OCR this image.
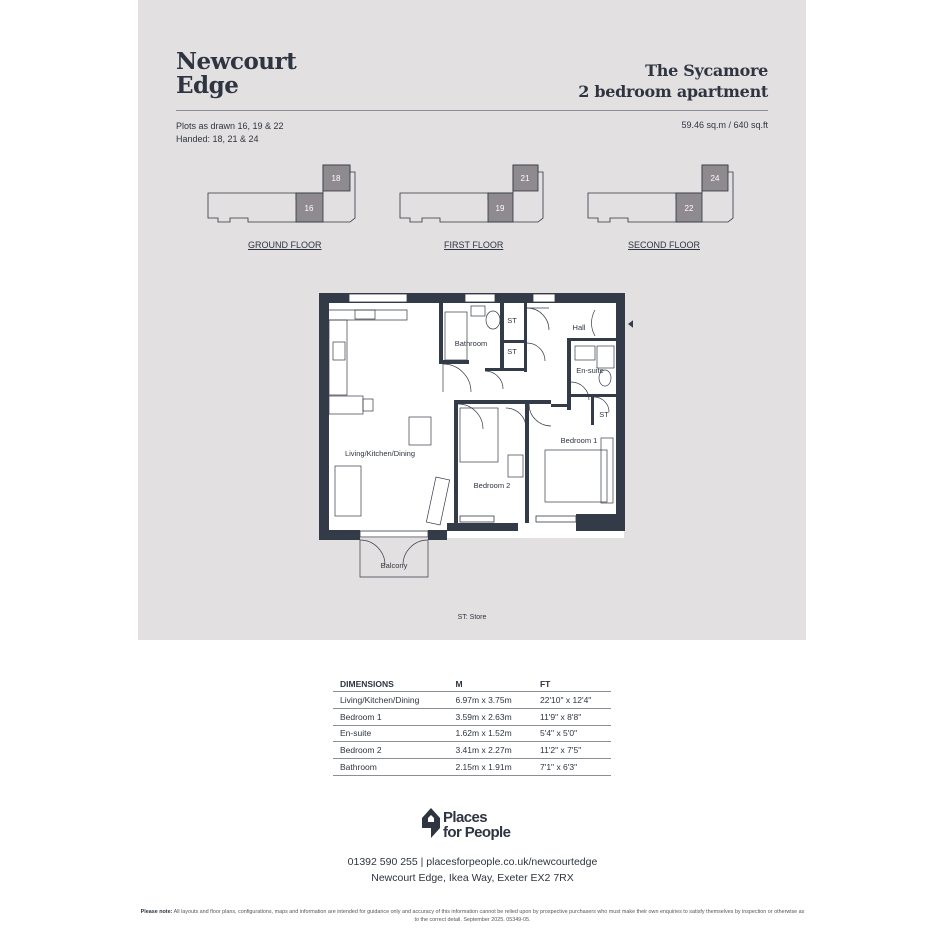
Newcourt
Edge
The Sycamore
2 bedroom apartment
Plots as drawn 16, 19 & 22
Handed: 18, 21 & 24
59.46 sq.m / 640 sq.ft
16
18
19
21
22
24
GROUND FLOOR	FIRST FLOOR	SECOND FLOOR
Living/Kitchen/Dining
Bathroom
Hall
En-suite
Bedroom 1
Bedroom 2
Balcony
ST
ST
ST
ST: Store
DIMENSIONS	M	FT
Living/Kitchen/Dining	6.97m x 3.75m	22'10" x 12'4"
Bedroom 1	3.59m x 2.63m	11'9" x 8'8"
En-suite	1.62m x 1.52m	5'4" x 5'0"
Bedroom 2	3.41m x 2.27m	11'2" x 7'5"
Bathroom	2.15m x 1.91m	7'1" x 6'3"
Places
for People
01392 590 255 | placesforpeople.co.uk/newcourtedge
Newcourt Edge, Ikea Way, Exeter EX2 7RX
Please note: All layouts and floor plans, configurations, maps and information are intended for guidance only and accuracy of this information cannot be relied upon by prospective purchasers who must make their own enquiries to satisfy themselves by inspection or otherwise as to the correct detail. September 2025. 05349-05.
